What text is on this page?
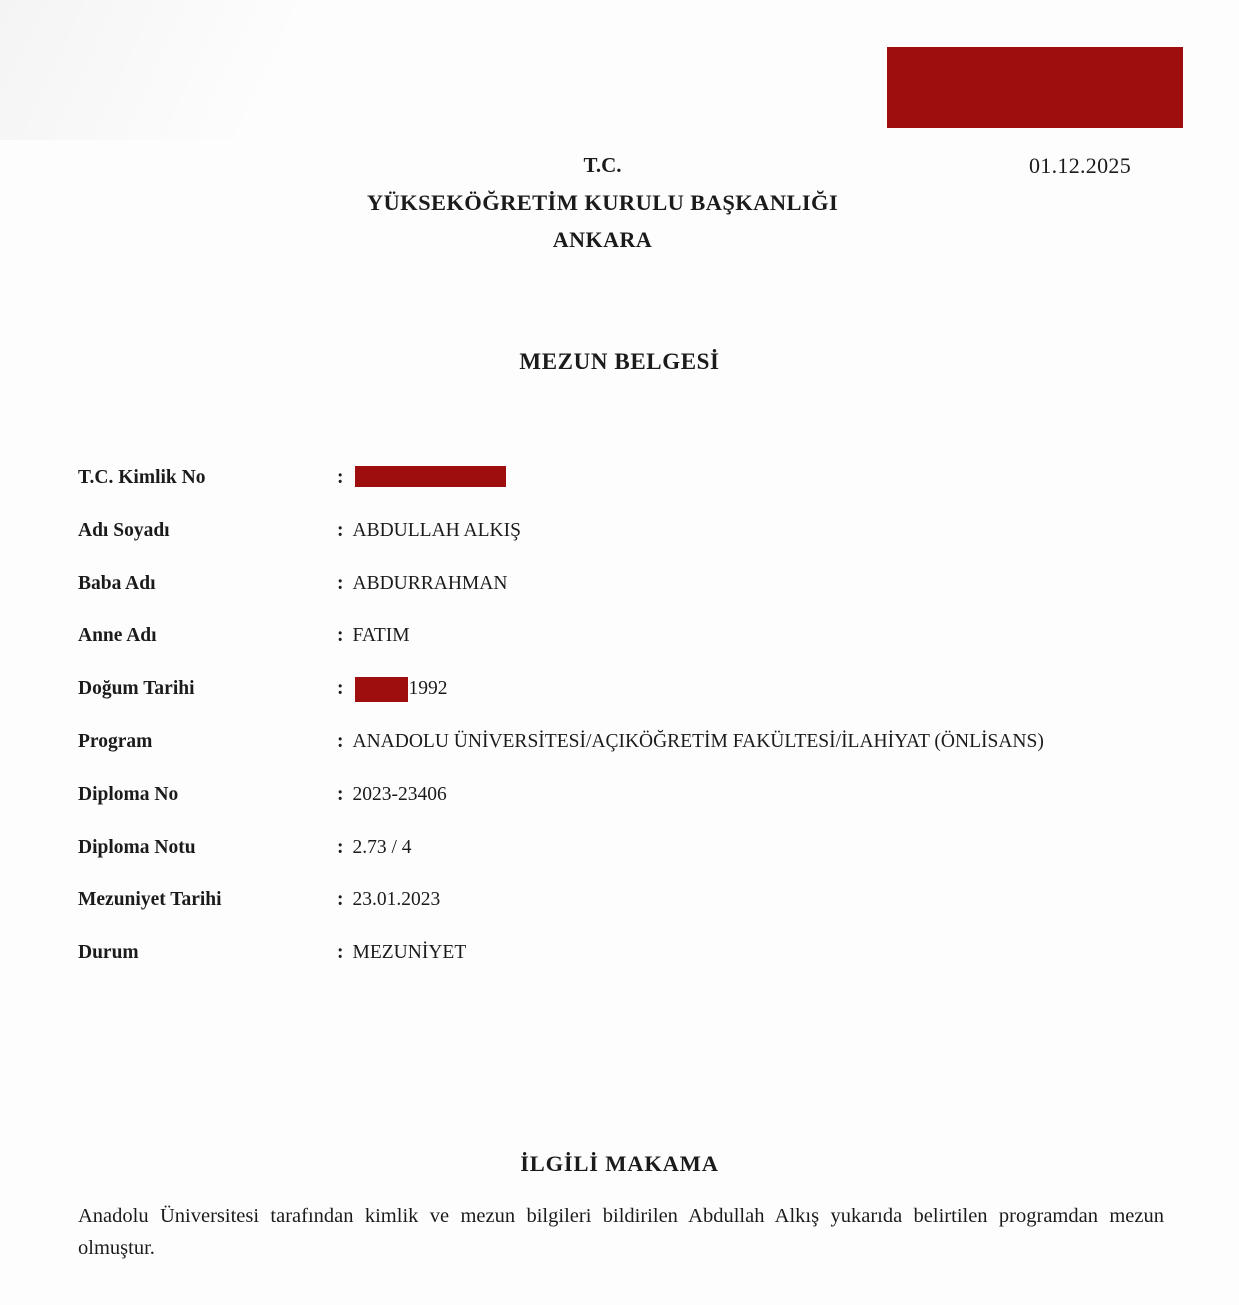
01.12.2025
T.C.
YÜKSEKÖĞRETİM KURULU BAŞKANLIĞI
ANKARA
MEZUN BELGESİ
T.C. Kimlik No	:
Adı Soyadı	: ABDULLAH ALKIŞ
Baba Adı	: ABDURRAHMAN
Anne Adı	: FATIM
Doğum Tarihi	:	1992
Program	: ANADOLU ÜNİVERSİTESİ/AÇIKÖĞRETİM FAKÜLTESİ/İLAHİYAT (ÖNLİSANS)
Diploma No	: 2023-23406
Diploma Notu	: 2.73 / 4
Mezuniyet Tarihi	: 23.01.2023
Durum	: MEZUNİYET
İLGİLİ MAKAMA
Anadolu Üniversitesi tarafından kimlik ve mezun bilgileri bildirilen Abdullah Alkış yukarıda belirtilen programdan mezun olmuştur.
